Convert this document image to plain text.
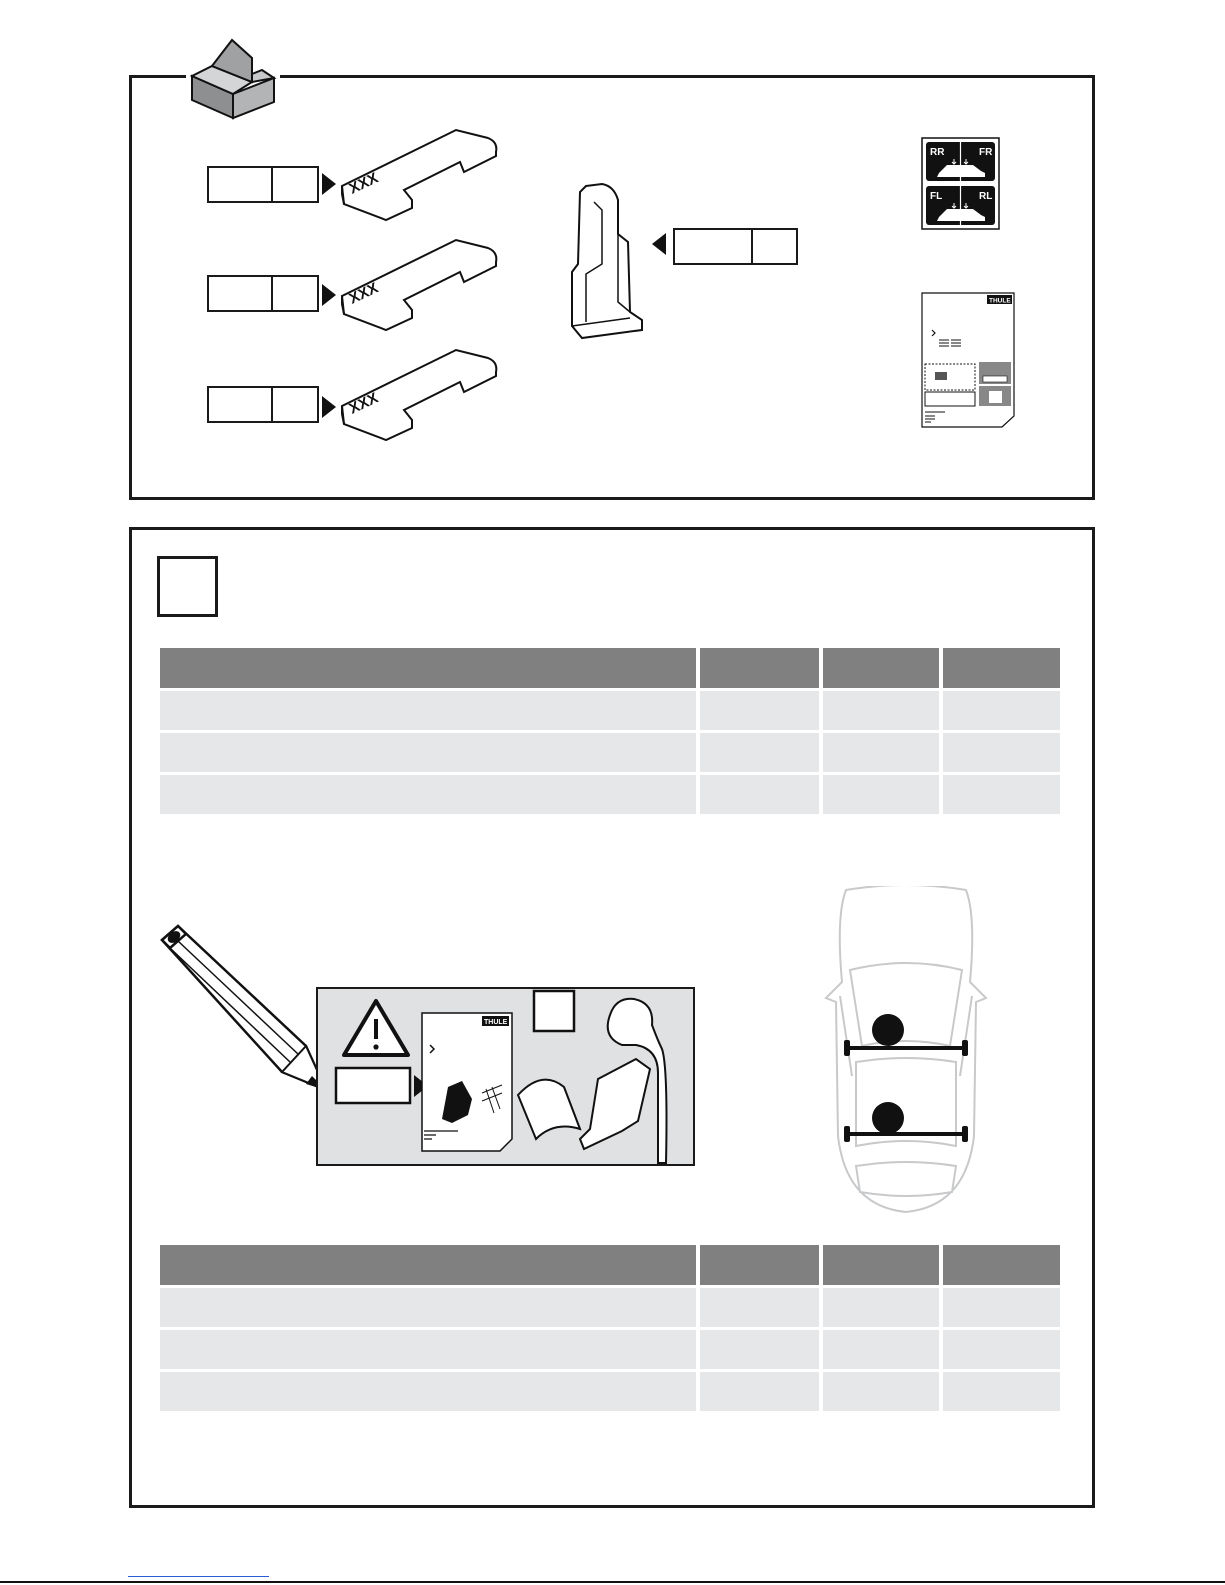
XXX
XXX
XXX
RR	FR
FL	RL
THULE
THULE
